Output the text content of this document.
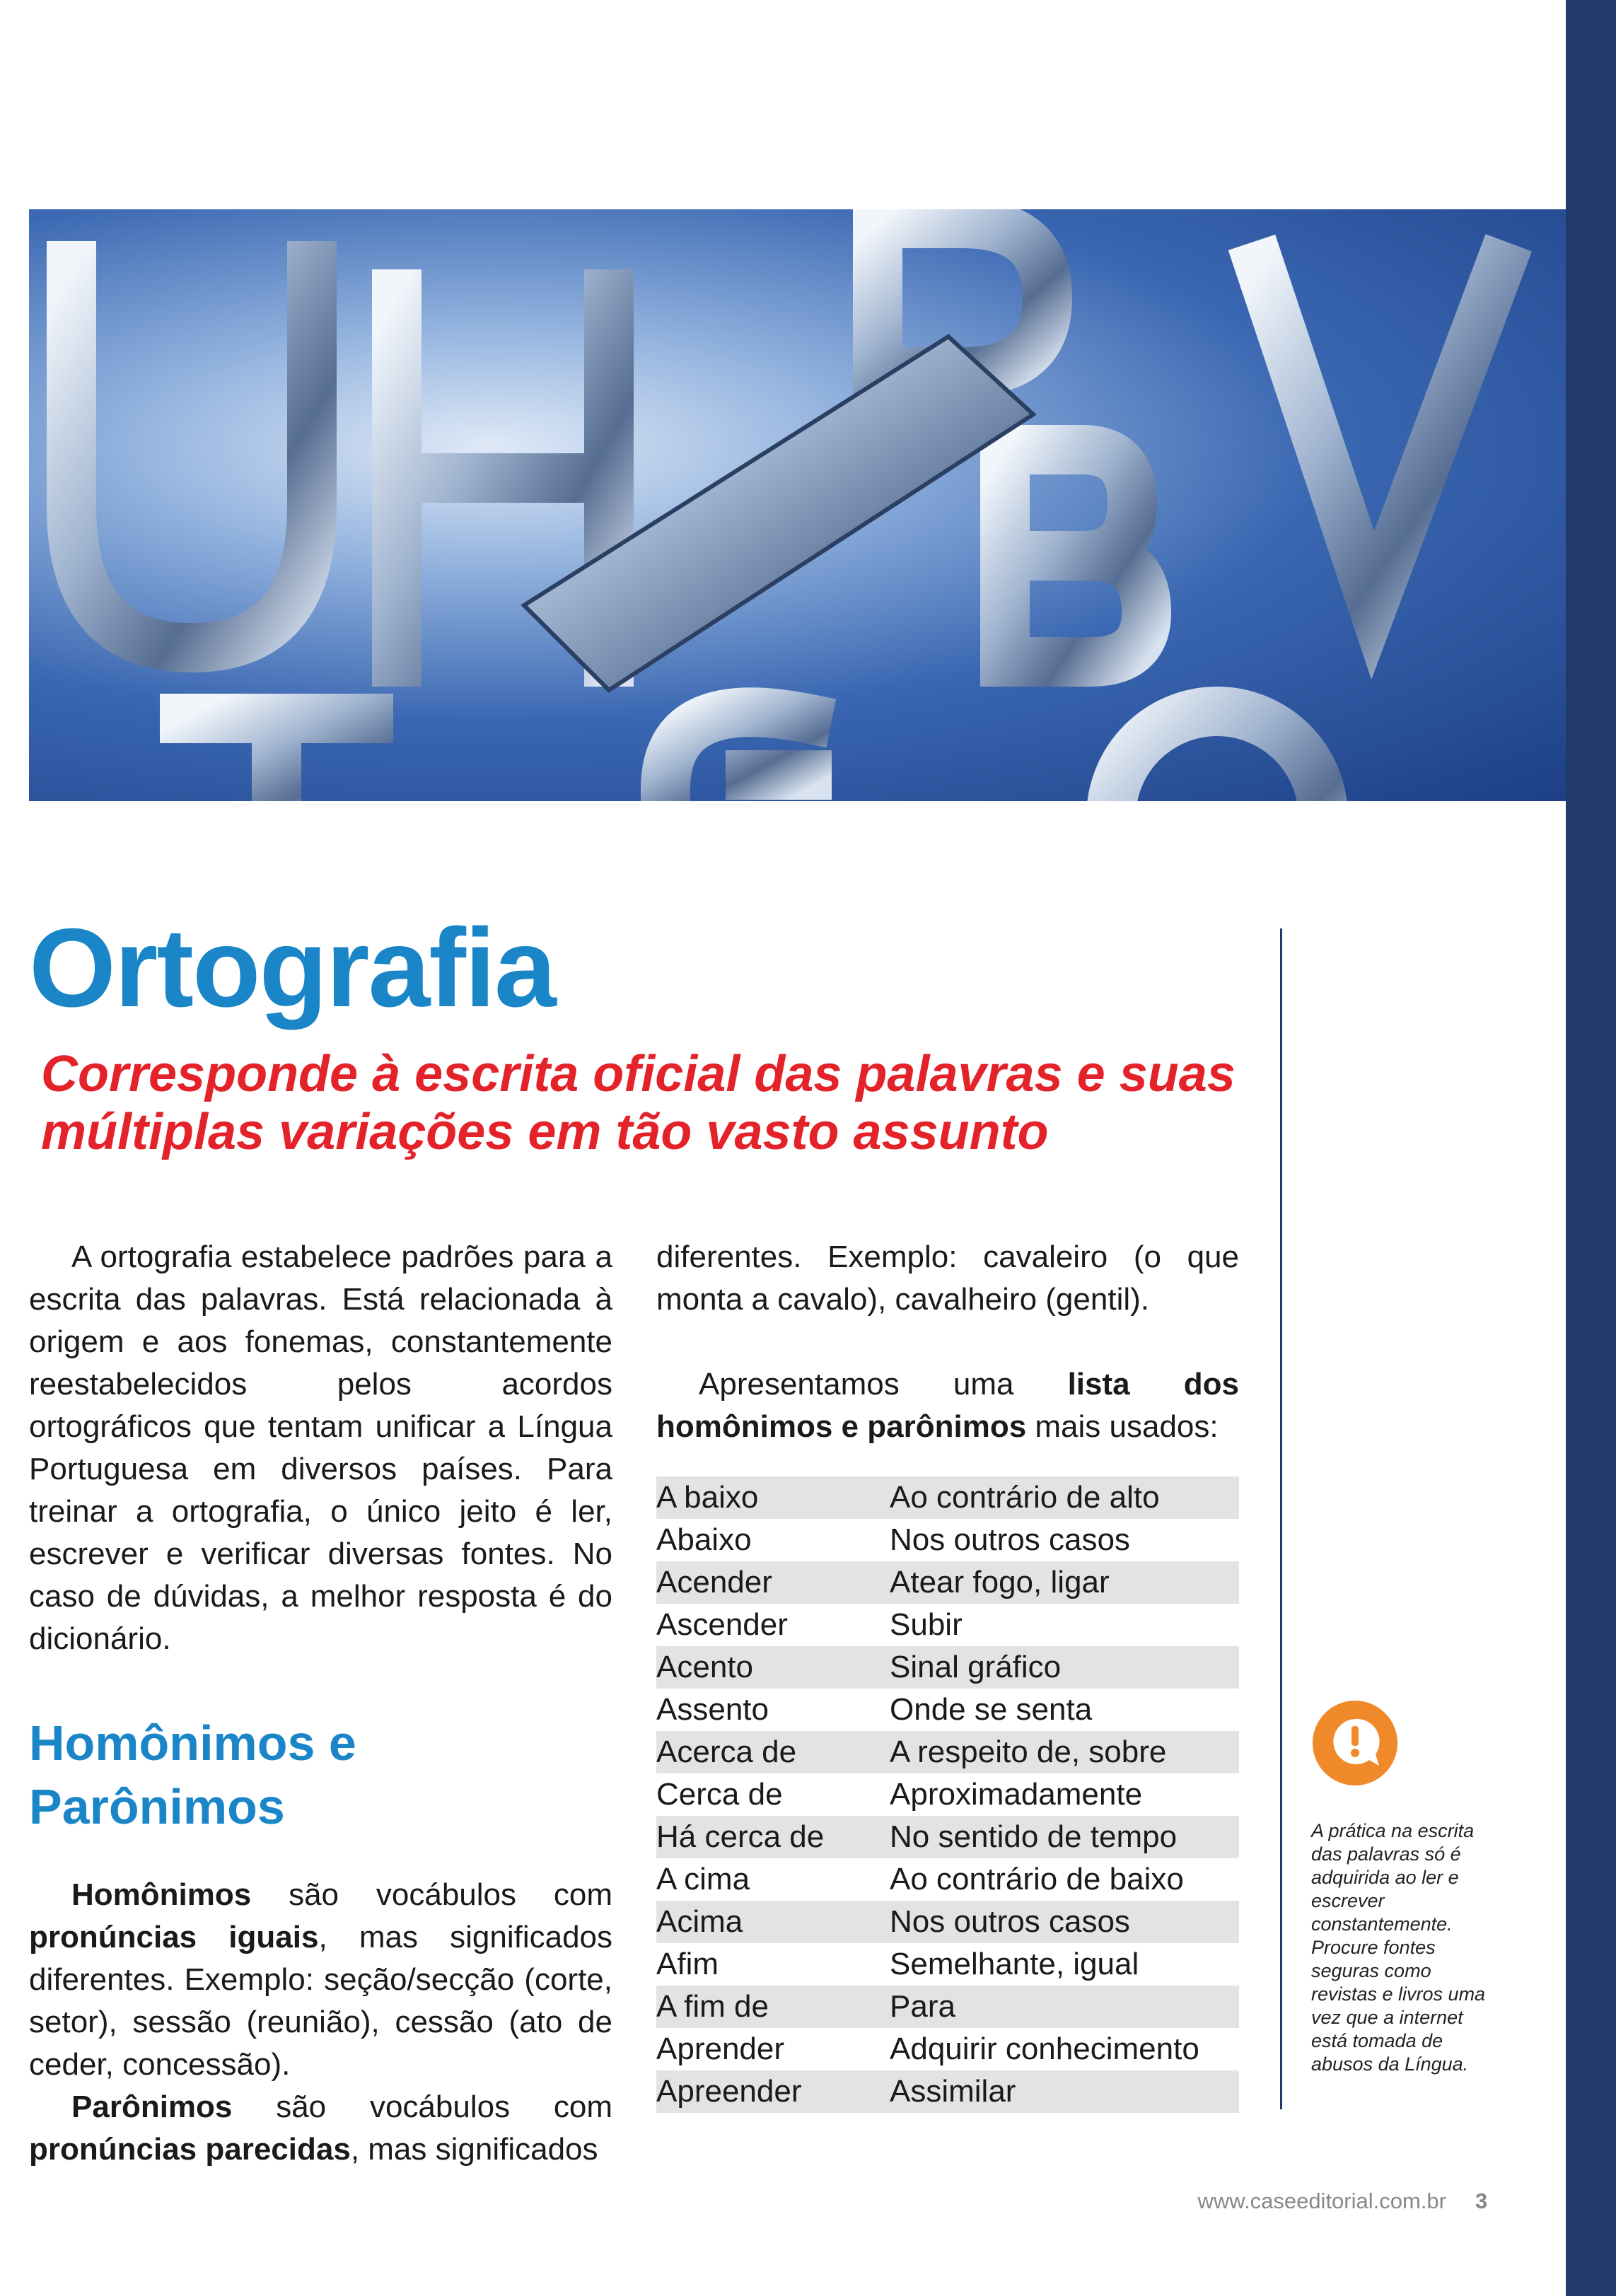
Ortografia
Corresponde à escrita oficial das palavras e suas múltiplas variações em tão vasto assunto

A ortografia estabelece padrões para a escrita das palavras. Está relacionada à origem e aos fonemas, constantemente reestabelecidos pelos acordos ortográficos que tentam unificar a Língua Portuguesa em diversos países. Para treinar a ortografia, o único jeito é ler, escrever e verificar diversas fontes. No caso de dúvidas, a melhor resposta é do dicionário.

Homônimos e Parônimos

Homônimos são vocábulos com pronúncias iguais, mas significados diferentes. Exemplo: seção/secção (corte, setor), sessão (reunião), cessão (ato de ceder, concessão).

Parônimos são vocábulos com pronúncias parecidas, mas significados

diferentes. Exemplo: cavaleiro (o que monta a cavalo), cavalheiro (gentil).

Apresentamos uma lista dos homônimos e parônimos mais usados:

A baixo	Ao contrário de alto
Abaixo	Nos outros casos
Acender	Atear fogo, ligar
Ascender	Subir
Acento	Sinal gráfico
Assento	Onde se senta
Acerca de	A respeito de, sobre
Cerca de	Aproximadamente
Há cerca de	No sentido de tempo
A cima	Ao contrário de baixo
Acima	Nos outros casos
Afim	Semelhante, igual
A fim de	Para
Aprender	Adquirir conhecimento
Apreender	Assimilar
A prática na escrita das palavras só é adquirida ao ler e escrever constantemente. Procure fontes seguras como revistas e livros uma vez que a internet está tomada de abusos da Língua.
www.caseeditorial.com.br 3
